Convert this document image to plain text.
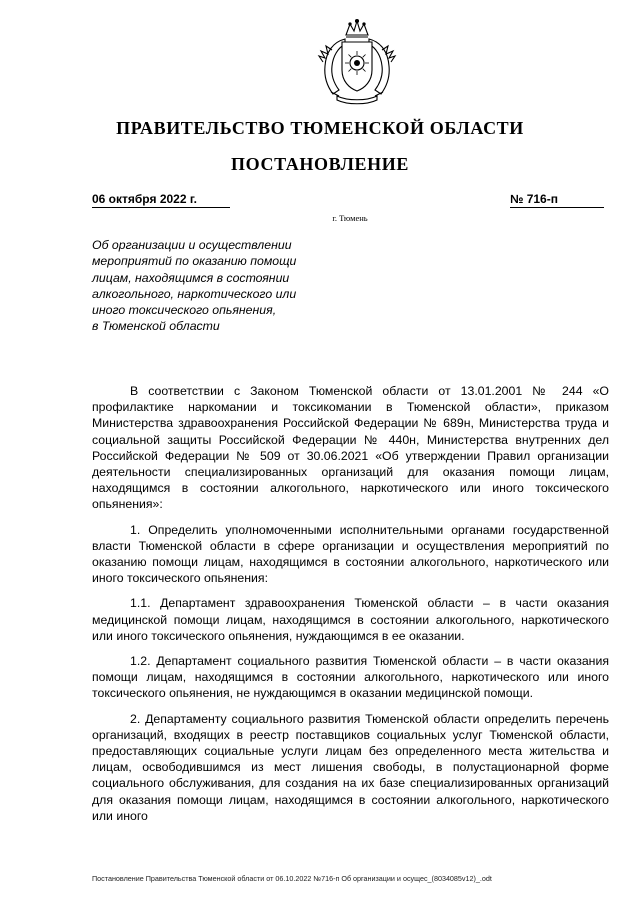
ПРАВИТЕЛЬСТВО ТЮМЕНСКОЙ ОБЛАСТИ
ПОСТАНОВЛЕНИЕ
06 октября 2022 г.	№ 716-п
г. Тюмень
Об организации и осуществлении
мероприятий по оказанию помощи
лицам, находящимся в состоянии
алкогольного, наркотического или
иного токсического опьянения,
в Тюменской области

В соответствии с Законом Тюменской области от 13.01.2001 № 244 «О профилактике наркомании и токсикомании в Тюменской области», приказом Министерства здравоохранения Российской Федерации № 689н, Министерства труда и социальной защиты Российской Федерации № 440н, Министерства внутренних дел Российской Федерации № 509 от 30.06.2021 «Об утверждении Правил организации деятельности специализированных организаций для оказания помощи лицам, находящимся в состоянии алкогольного, наркотического или иного токсического опьянения»:

1. Определить уполномоченными исполнительными органами государственной власти Тюменской области в сфере организации и осуществления мероприятий по оказанию помощи лицам, находящимся в состоянии алкогольного, наркотического или иного токсического опьянения:

1.1. Департамент здравоохранения Тюменской области – в части оказания медицинской помощи лицам, находящимся в состоянии алкогольного, наркотического или иного токсического опьянения, нуждающимся в ее оказании.

1.2. Департамент социального развития Тюменской области – в части оказания помощи лицам, находящимся в состоянии алкогольного, наркотического или иного токсического опьянения, не нуждающимся в оказании медицинской помощи.

2. Департаменту социального развития Тюменской области определить перечень организаций, входящих в реестр поставщиков социальных услуг Тюменской области, предоставляющих социальные услуги лицам без определенного места жительства и лицам, освободившимся из мест лишения свободы, в полустационарной форме социального обслуживания, для создания на их базе специализированных организаций для оказания помощи лицам, находящимся в состоянии алкогольного, наркотического или иного

Постановление Правительства Тюменской области от 06.10.2022 №716-п Об организации и осущес_(8034085v12)_.odt
